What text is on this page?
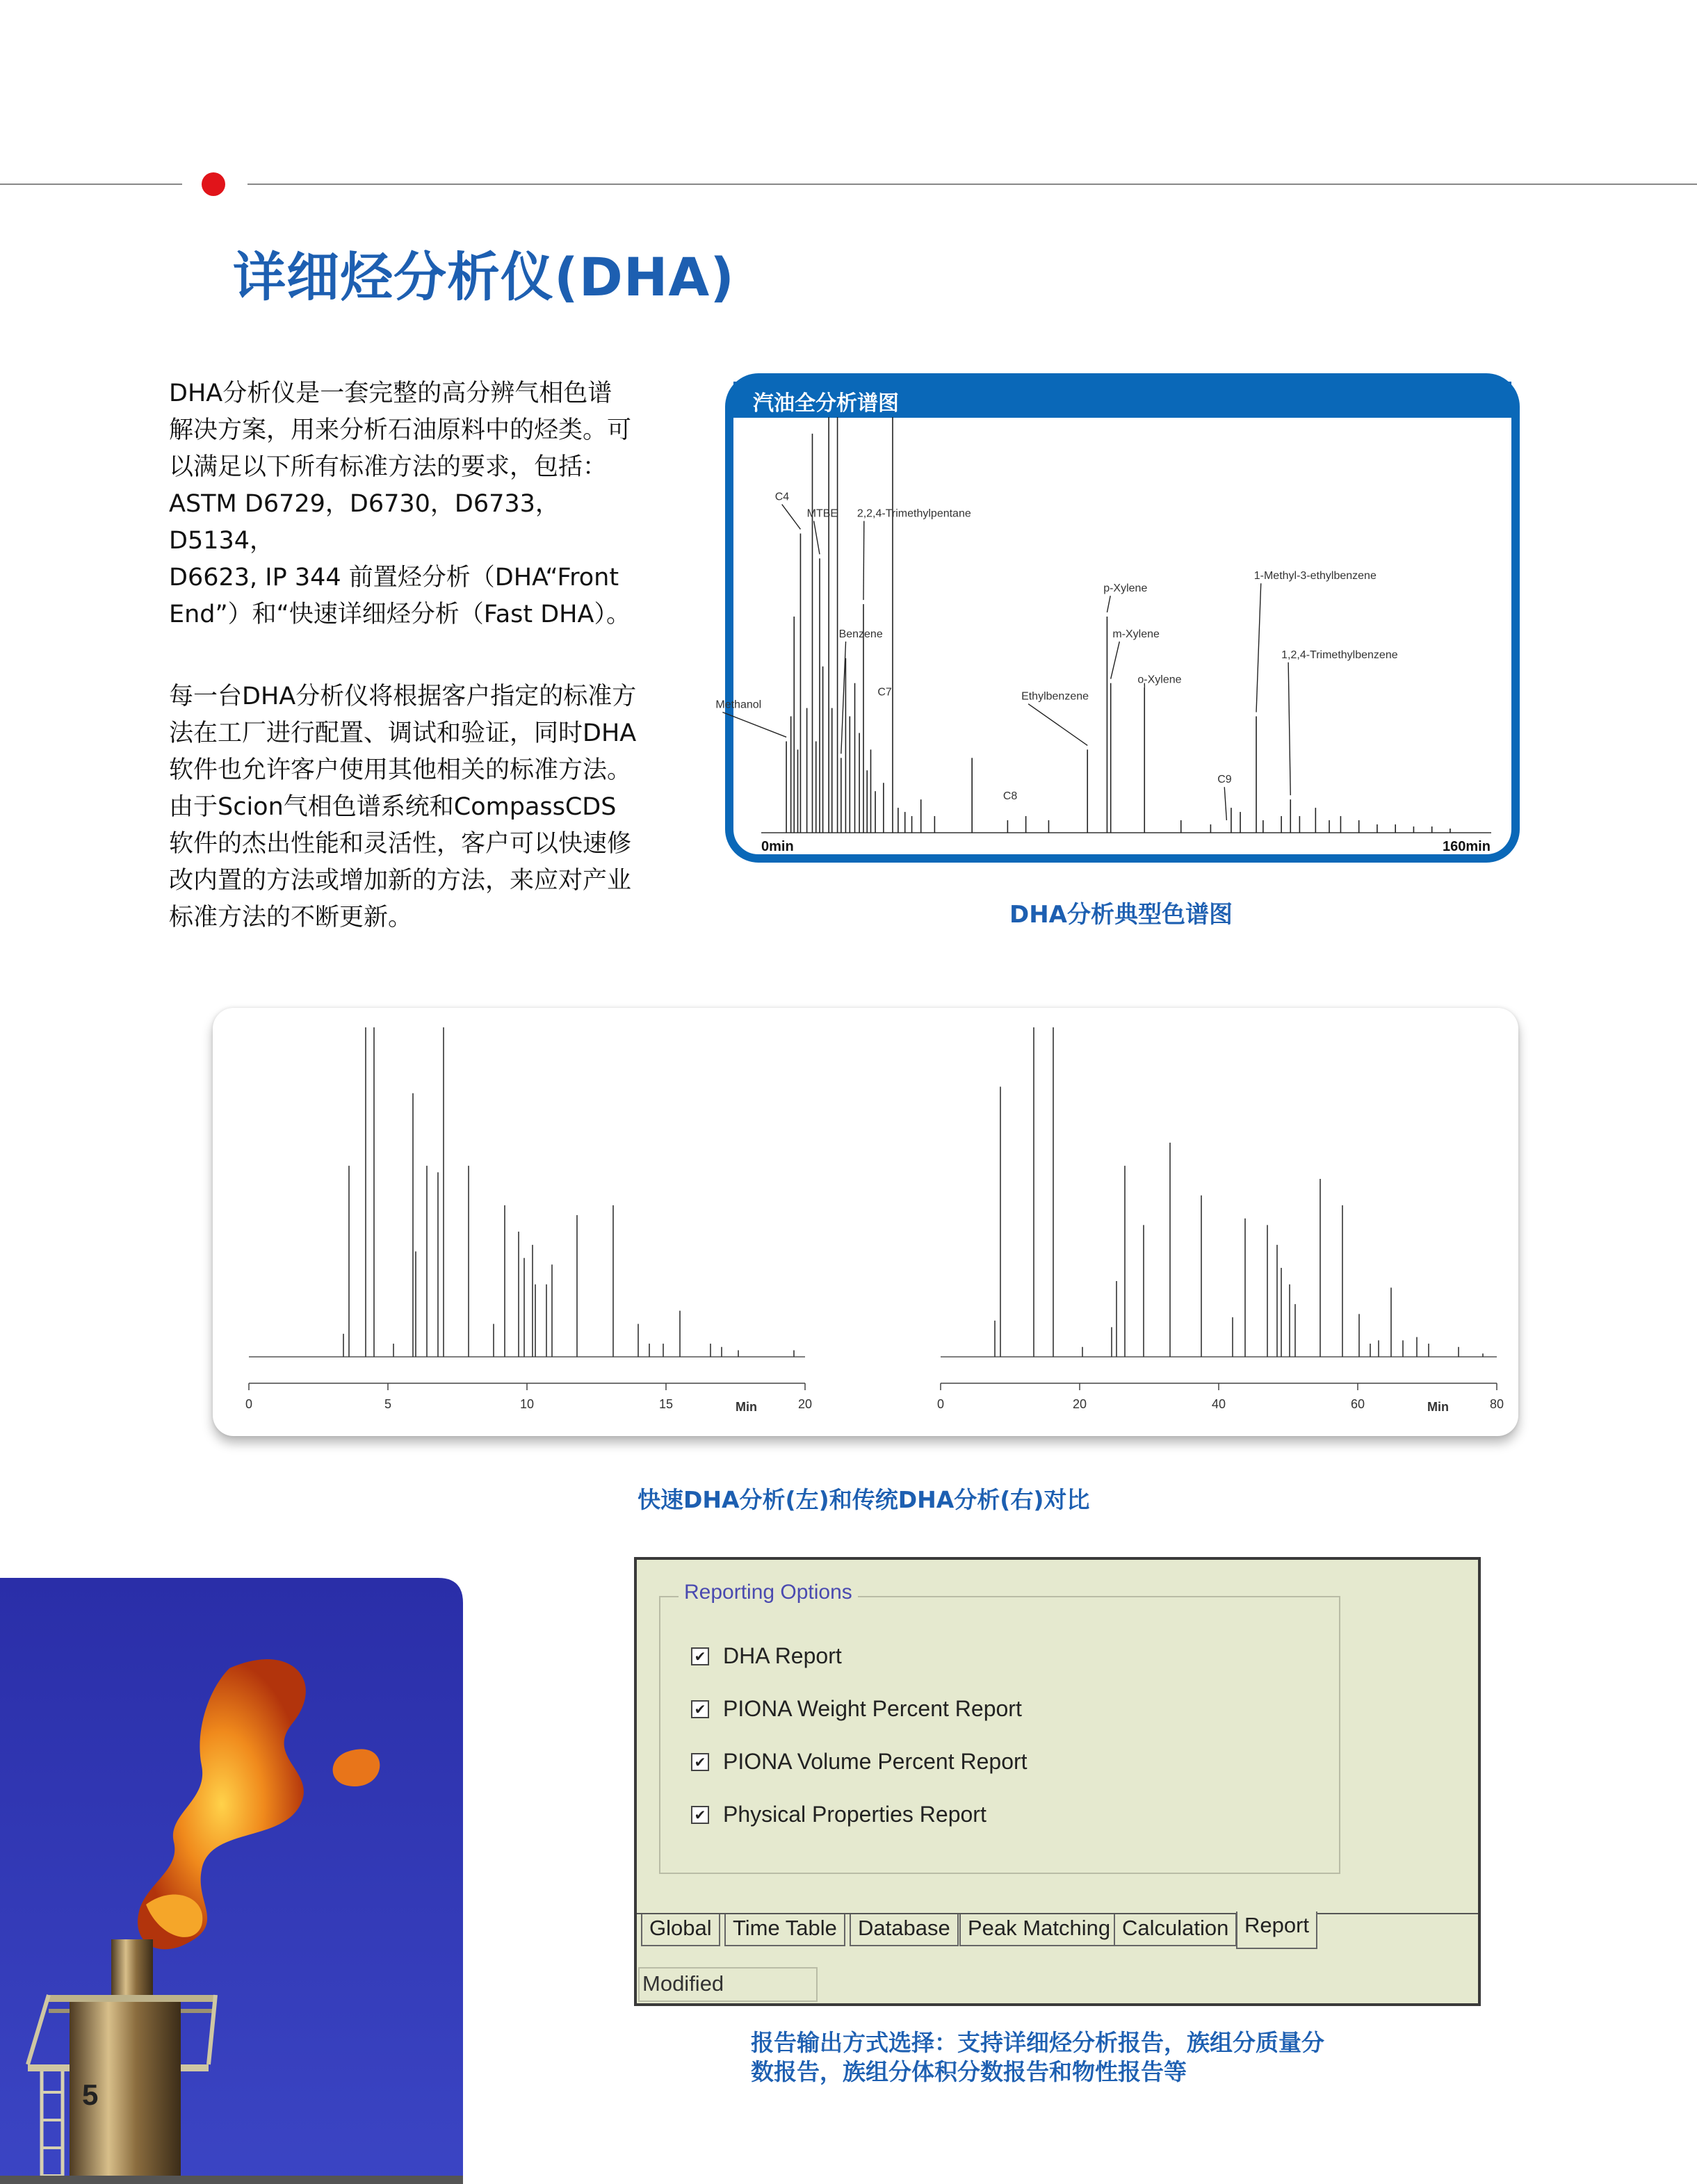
详细烃分析仪(DHA)
DHA分析仪是一套完整的高分辨气相色谱
解决方案，用来分析石油原料中的烃类。可
以满足以下所有标准方法的要求，包括：
ASTM D6729，D6730，D6733，D5134，
D6623, IP 344 前置烃分析（DHA“Front
End”）和“快速详细烃分析（Fast DHA）。
每一台DHA分析仪将根据客户指定的标准方
法在工厂进行配置、调试和验证，同时DHA
软件也允许客户使用其他相关的标准方法。
由于Scion气相色谱系统和CompassCDS
软件的杰出性能和灵活性，客户可以快速修
改内置的方法或增加新的方法，来应对产业
标准方法的不断更新。
汽油全分析谱图
Methanol
C4
MTBE 2,2,4-Trimethylpentane
Benzene
C7
C8
Ethylbenzene
p-Xylene
m-Xylene
o-Xylene
C9
1-Methyl-3-ethylbenzene
1,2,4-Trimethylbenzene
0min	160min
DHA分析典型色谱图
0	5	10	15	20
Min	0	20	40	60	80
Min
快速DHA分析(左)和传统DHA分析(右)对比
5
Reporting Options
✔ DHA Report
✔ PIONA Weight Percent Report
✔ PIONA Volume Percent Report
✔ Physical Properties Report
Global Time Table Database Peak Matching Calculation Report
Modified
报告输出方式选择：支持详细烃分析报告，族组分质量分
数报告，族组分体积分数报告和物性报告等
